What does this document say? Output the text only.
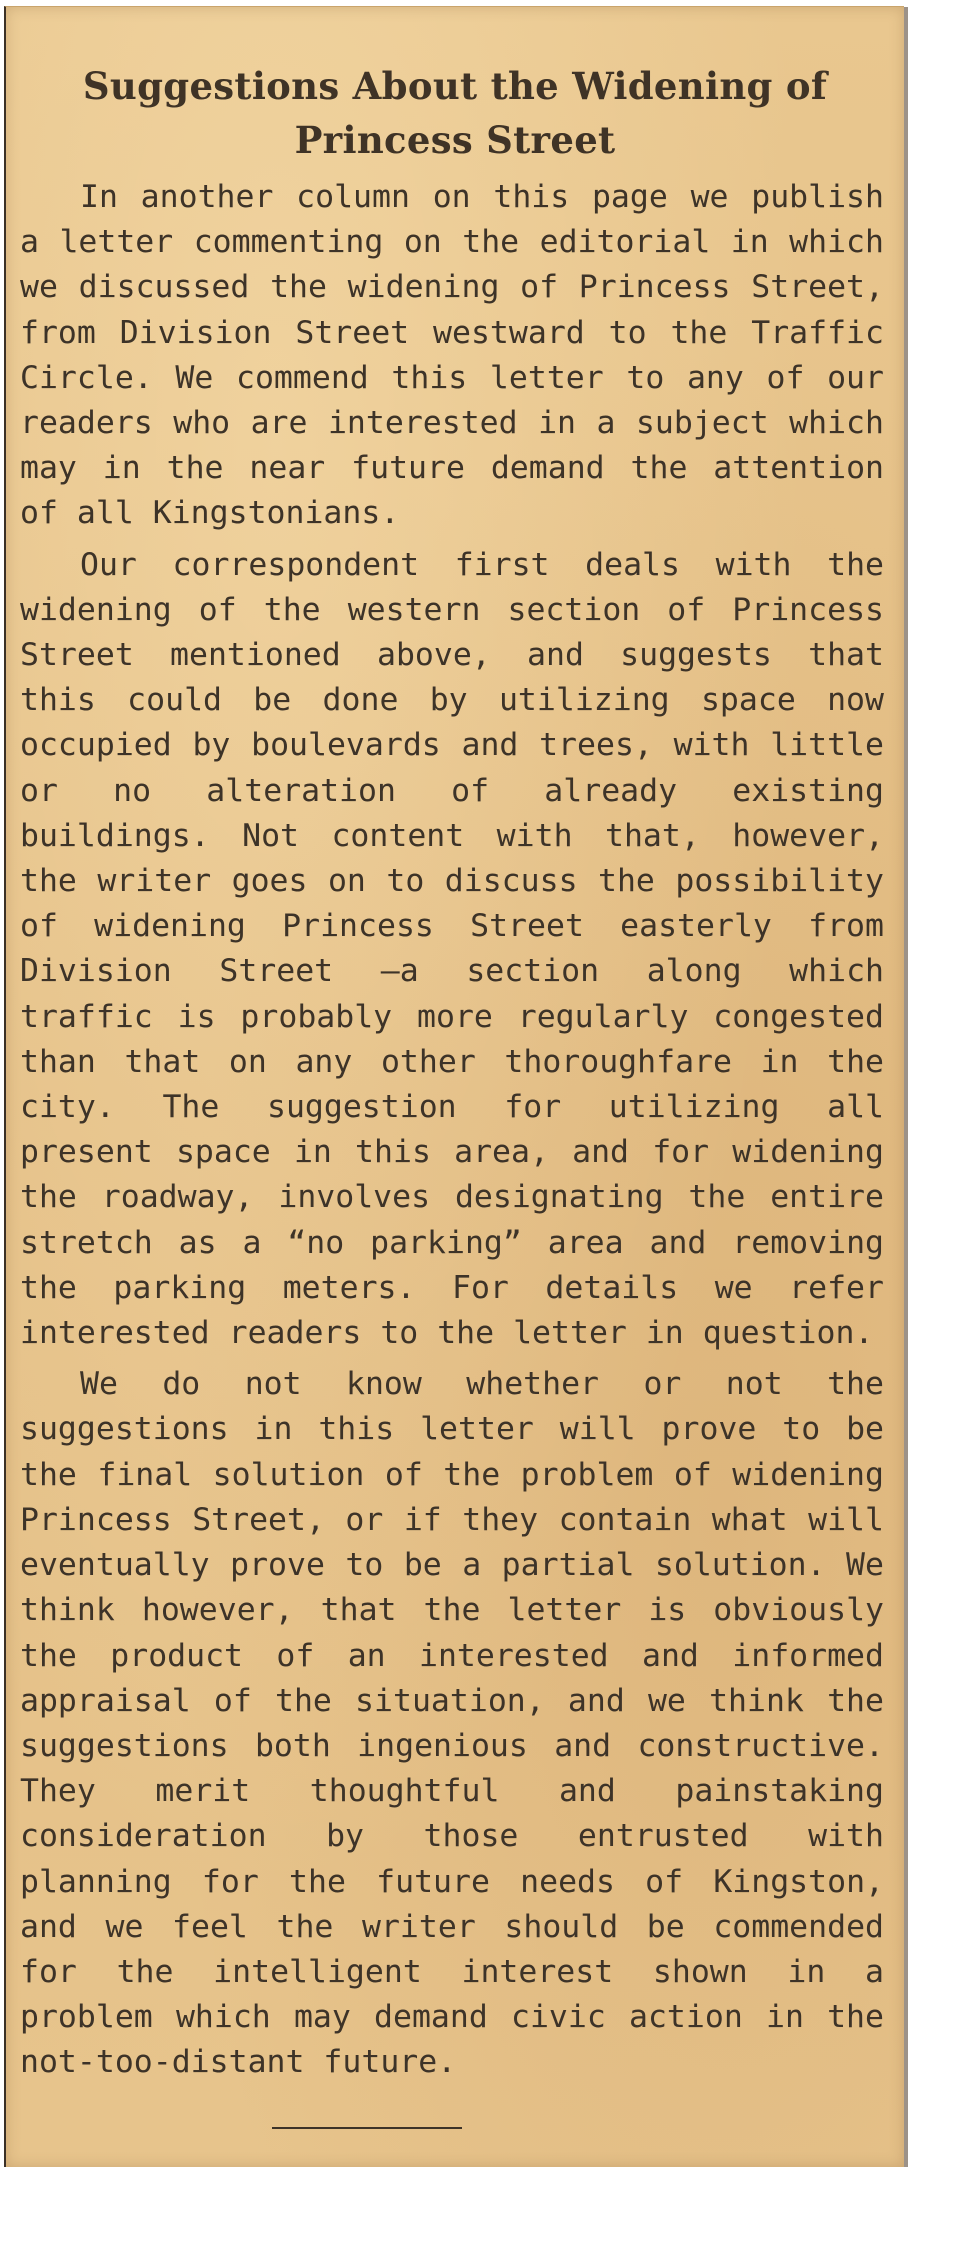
Suggestions About the Widening of Princess Street

In another column on this page we publish a letter commenting on the editorial in which we discussed the widening of Princess Street, from Division Street westward to the Traffic Circle. We commend this letter to any of our readers who are interested in a subject which may in the near future demand the attention of all Kingstonians.

Our correspondent first deals with the widening of the western section of Princess Street mentioned above, and suggests that this could be done by utilizing space now occupied by boulevards and trees, with little or no alteration of already existing buildings. Not content with that, however, the writer goes on to discuss the possibility of widening Princess Street easterly from Division Street —a section along which traffic is probably more regularly congested than that on any other thoroughfare in the city. The suggestion for utilizing all present space in this area, and for widening the roadway, involves designating the entire stretch as a “no parking” area and removing the parking meters. For details we refer interested readers to the letter in question.

We do not know whether or not the suggestions in this letter will prove to be the final solution of the problem of widening Princess Street, or if they contain what will eventually prove to be a partial solution. We think however, that the letter is obviously the product of an interested and informed appraisal of the situation, and we think the suggestions both ingenious and constructive. They merit thoughtful and painstaking consideration by those entrusted with planning for the future needs of Kingston, and we feel the writer should be commended for the intelligent interest shown in a problem which may demand civic action in the not-too-distant future.
